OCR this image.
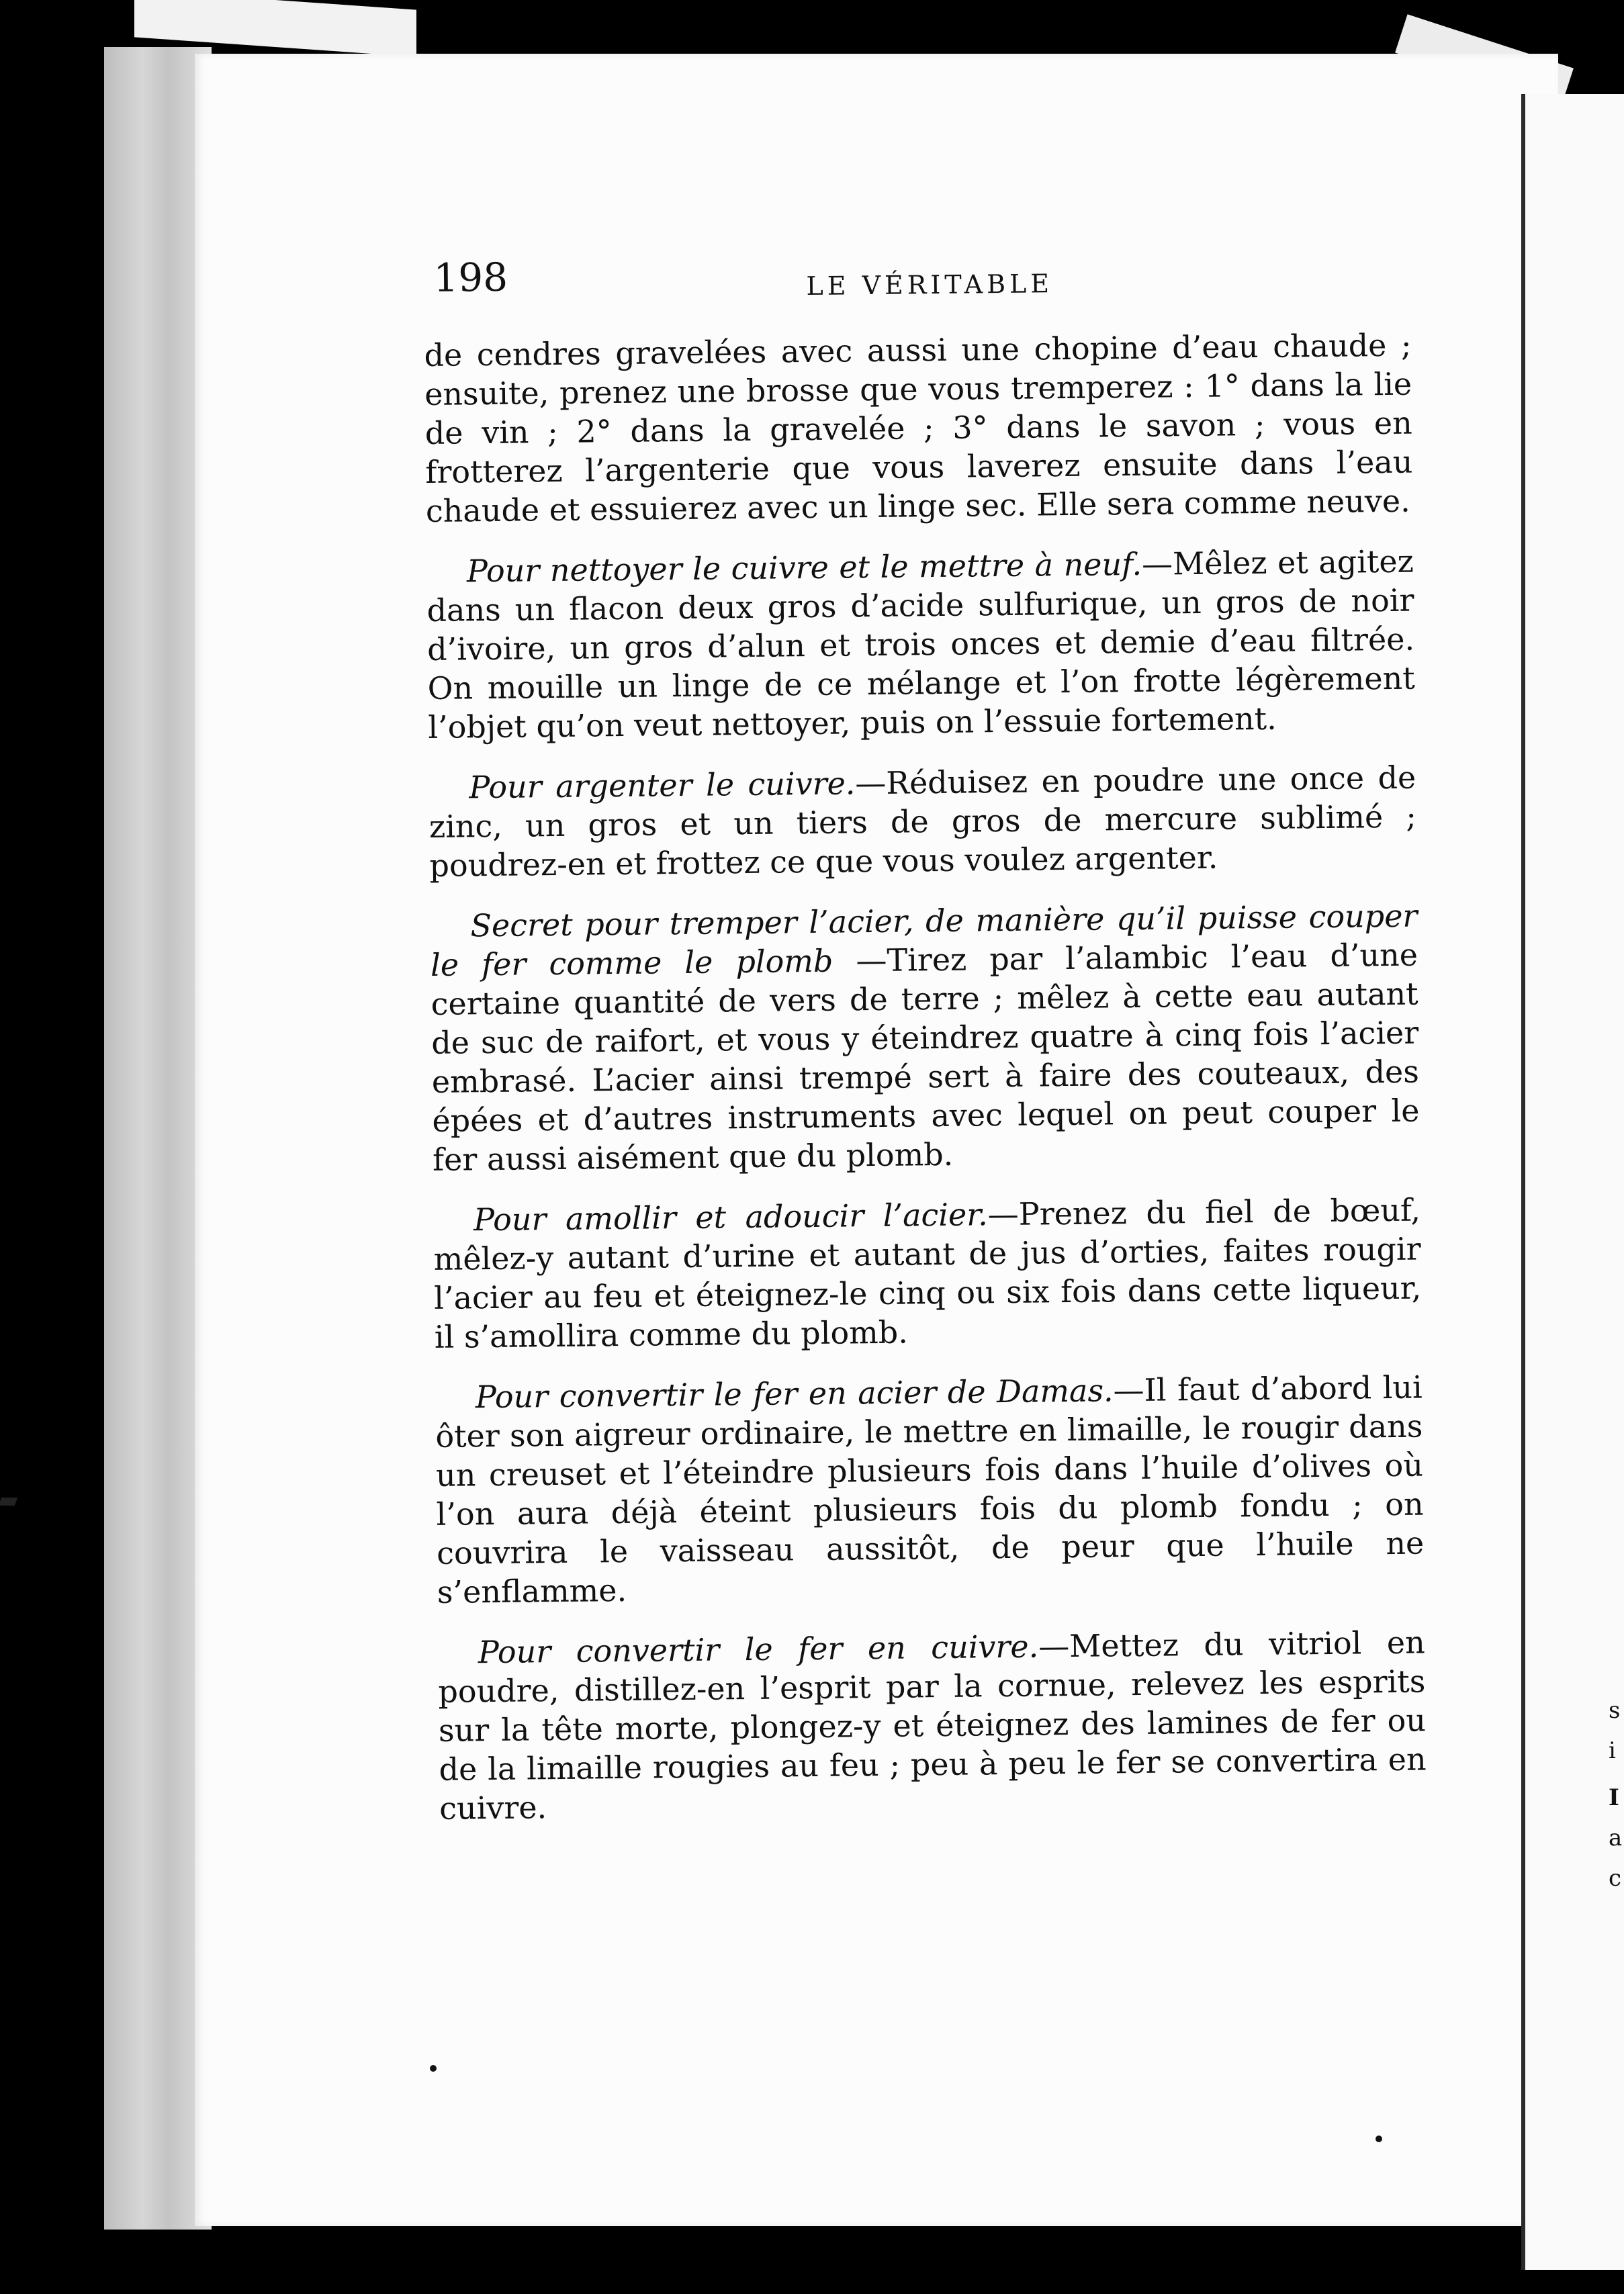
s
i
I
a
c
198	LE VÉRITABLE

de cendres gravelées avec aussi une chopine d’eau chaude ; ensuite, prenez une brosse que vous tremperez : 1° dans la lie de vin ; 2° dans la gravelée ; 3° dans le savon ; vous en frotterez l’argenterie que vous laverez ensuite dans l’eau chaude et essuierez avec un linge sec. Elle sera comme neuve.

Pour nettoyer le cuivre et le mettre à neuf.—Mêlez et agitez dans un flacon deux gros d’acide sulfurique, un gros de noir d’ivoire, un gros d’alun et trois onces et demie d’eau filtrée. On mouille un linge de ce mélange et l’on frotte légèrement l’objet qu’on veut nettoyer, puis on l’essuie fortement.

Pour argenter le cuivre.—Réduisez en poudre une once de zinc, un gros et un tiers de gros de mercure sublimé ; poudrez-en et frottez ce que vous voulez argenter.

Secret pour tremper l’acier, de manière qu’il puisse couper le fer comme le plomb —Tirez par l’alambic l’eau d’une certaine quantité de vers de terre ; mêlez à cette eau autant de suc de raifort, et vous y éteindrez quatre à cinq fois l’acier embrasé. L’acier ainsi trempé sert à faire des couteaux, des épées et d’autres instruments avec lequel on peut couper le fer aussi aisément que du plomb.

Pour amollir et adoucir l’acier.—Prenez du fiel de bœuf, mêlez-y autant d’urine et autant de jus d’orties, faites rougir l’acier au feu et éteignez-le cinq ou six fois dans cette liqueur, il s’amollira comme du plomb.

Pour convertir le fer en acier de Damas.—Il faut d’abord lui ôter son aigreur ordinaire, le mettre en limaille, le rougir dans un creuset et l’éteindre plusieurs fois dans l’huile d’olives où l’on aura déjà éteint plusieurs fois du plomb fondu ; on couvrira le vaisseau aussitôt, de peur que l’huile ne s’enflamme.

Pour convertir le fer en cuivre.—Mettez du vitriol en poudre, distillez-en l’esprit par la cornue, relevez les esprits sur la tête morte, plongez-y et éteignez des lamines de fer ou de la limaille rougies au feu ; peu à peu le fer se convertira en cuivre.
